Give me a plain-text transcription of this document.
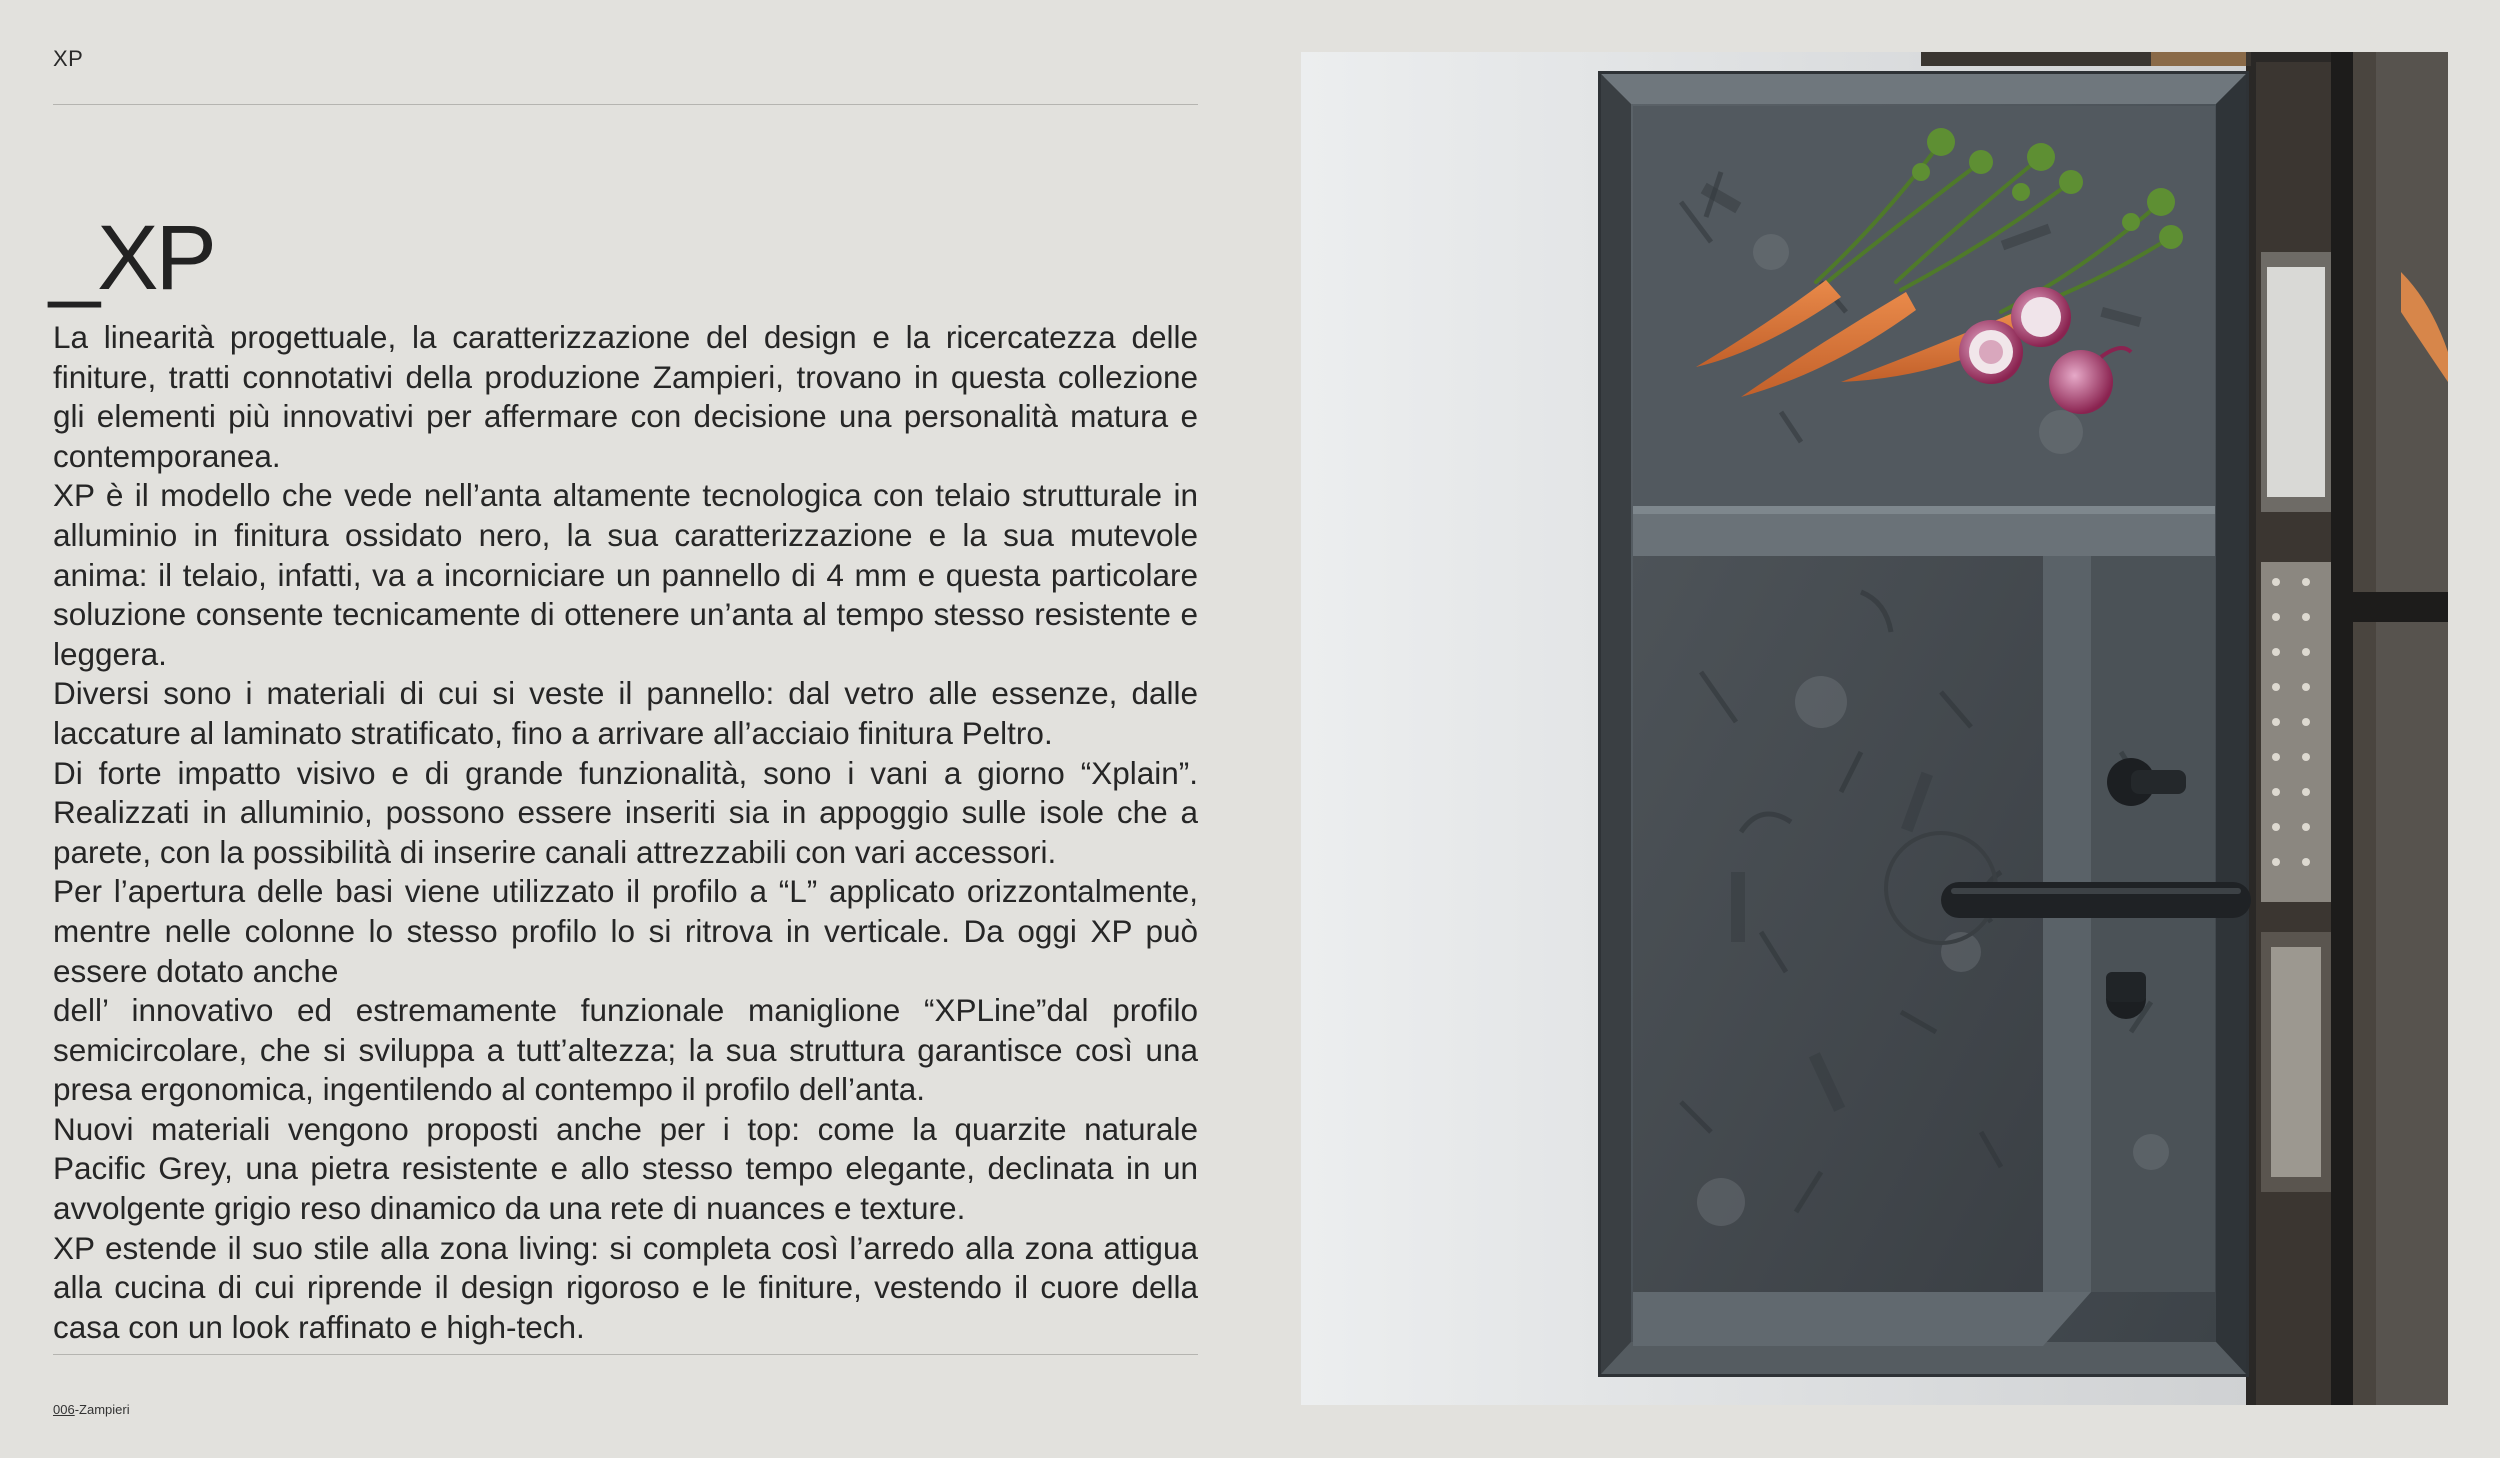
XP
_XP

La linearità progettuale, la caratterizzazione del design e la ricercatezza delle finiture, tratti connotativi della produzione Zampieri, trovano in questa collezione gli elementi più innovativi per affermare con decisione una personalità matura e contemporanea.

XP è il modello che vede nell’anta altamente tecnologica con telaio strutturale in alluminio in finitura ossidato nero, la sua caratterizzazione e la sua mutevole anima: il telaio, infatti, va a incorniciare un pannello di 4 mm e questa particolare soluzione consente tecnicamente di ottenere un’anta al tempo stesso resistente e leggera.

Diversi sono i materiali di cui si veste il pannello: dal vetro alle essenze, dalle laccature al laminato stratificato, fino a arrivare all’acciaio finitura Peltro.

Di forte impatto visivo e di grande funzionalità, sono i vani a giorno “Xplain”. Realizzati in alluminio, possono essere inseriti sia in appoggio sulle isole che a parete, con la possibilità di inserire canali attrezzabili con vari accessori.

Per l’apertura delle basi viene utilizzato il profilo a “L” applicato orizzontalmente, mentre nelle colonne lo stesso profilo lo si ritrova in verticale. Da oggi XP può essere dotato anche

dell’ innovativo ed estremamente funzionale maniglione “XPLine”dal profilo semicircolare, che si sviluppa a tutt’altezza; la sua struttura garantisce così una presa ergonomica, ingentilendo al contempo il profilo dell’anta.

Nuovi materiali vengono proposti anche per i top: come la quarzite naturale Pacific Grey, una pietra resistente e allo stesso tempo elegante, declinata in un avvolgente grigio reso dinamico da una rete di nuances e texture.

XP estende il suo stile alla zona living: si completa così l’arredo alla zona attigua alla cucina di cui riprende il design rigoroso e le finiture, vestendo il cuore della casa con un look raffinato e high-tech.

006-Zampieri
